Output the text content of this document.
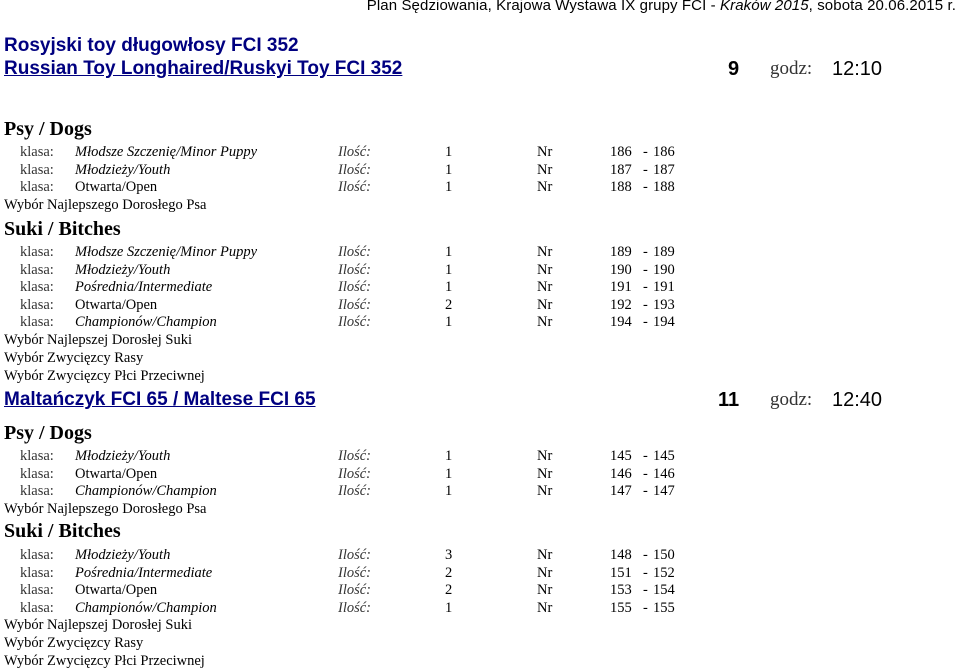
Plan Sędziowania, Krajowa Wystawa IX grupy FCI - Kraków 2015, sobota 20.06.2015 r.
Rosyjski toy długowłosy FCI 352
Russian Toy Longhaired/Ruskyi Toy FCI 352	9 godz: 12:10
Psy / Dogs
klasa: Młodsze Szczenię/Minor Puppy	Ilość:	1	Nr	186 - 186
klasa: Młodzieży/Youth	Ilość:	1	Nr	187 - 187
klasa: Otwarta/Open	Ilość:	1	Nr	188 - 188
Wybór Najlepszego Dorosłego Psa
Suki / Bitches
klasa: Młodsze Szczenię/Minor Puppy	Ilość:	1	Nr	189 - 189
klasa: Młodzieży/Youth	Ilość:	1	Nr	190 - 190
klasa: Pośrednia/Intermediate	Ilość:	1	Nr	191 - 191
klasa: Otwarta/Open	Ilość:	2	Nr	192 - 193
klasa: Championów/Champion	Ilość:	1	Nr	194 - 194
Wybór Najlepszej Dorosłej Suki
Wybór Zwycięzcy Rasy
Wybór Zwycięzcy Płci Przeciwnej
Maltańczyk FCI 65 / Maltese FCI 65	11 godz: 12:40
Psy / Dogs
klasa: Młodzieży/Youth	Ilość:	1	Nr	145 - 145
klasa: Otwarta/Open	Ilość:	1	Nr	146 - 146
klasa: Championów/Champion	Ilość:	1	Nr	147 - 147
Wybór Najlepszego Dorosłego Psa
Suki / Bitches
klasa: Młodzieży/Youth	Ilość:	3	Nr	148 - 150
klasa: Pośrednia/Intermediate	Ilość:	2	Nr	151 - 152
klasa: Otwarta/Open	Ilość:	2	Nr	153 - 154
klasa: Championów/Champion	Ilość:	1	Nr	155 - 155
Wybór Najlepszej Dorosłej Suki
Wybór Zwycięzcy Rasy
Wybór Zwycięzcy Płci Przeciwnej
